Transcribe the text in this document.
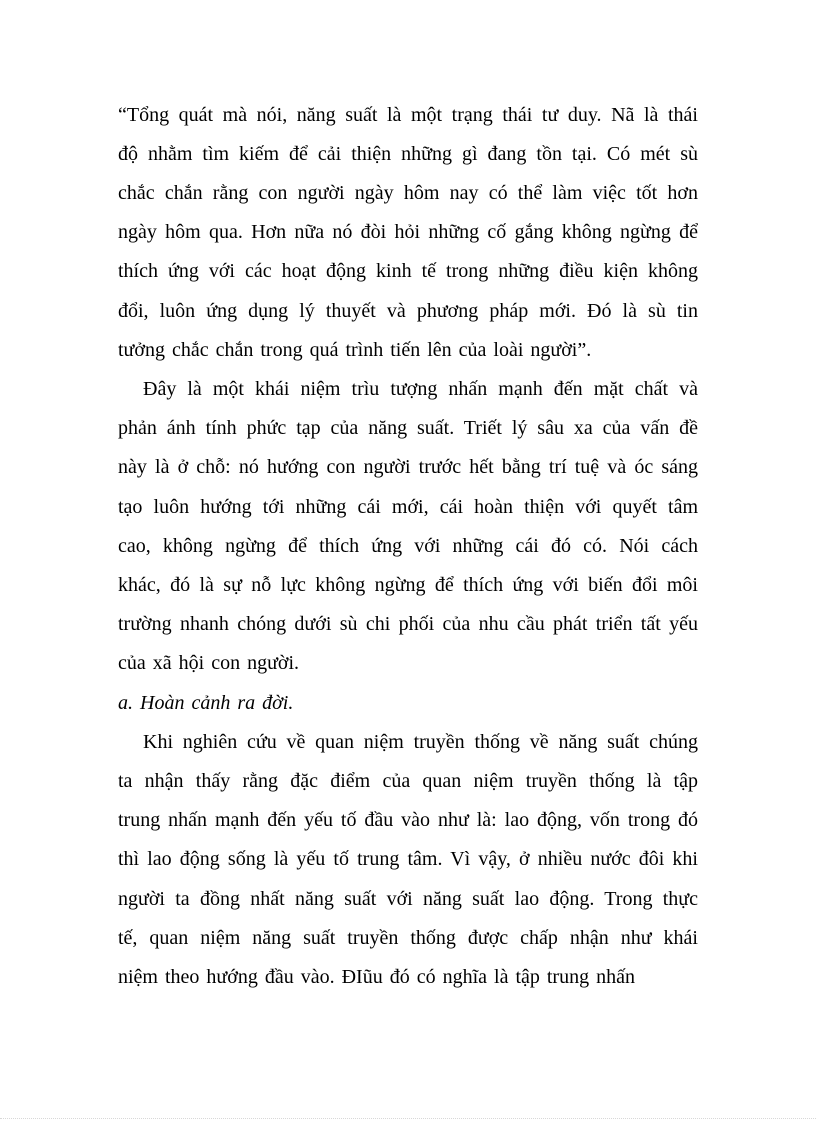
“Tổng quát mà nói, năng suất là một trạng thái tư duy. Nã là thái
độ nhằm tìm kiếm để cải thiện những gì đang tồn tại. Có mét sù
chắc chắn rằng con người ngày hôm nay có thể làm việc tốt hơn
ngày hôm qua. Hơn nữa nó đòi hỏi những cố gắng không ngừng để
thích ứng với các hoạt động kinh tế trong những điều kiện không
đổi, luôn ứng dụng lý thuyết và phương pháp mới. Đó là sù tin
tưởng chắc chắn trong quá trình tiến lên của loài người”.
Đây là một khái niệm trìu tượng nhấn mạnh đến mặt chất và
phản ánh tính phức tạp của năng suất. Triết lý sâu xa của vấn đề
này là ở chỗ: nó hướng con người trước hết bằng trí tuệ và óc sáng
tạo luôn hướng tới những cái mới, cái hoàn thiện với quyết tâm
cao, không ngừng để thích ứng với những cái đó có. Nói cách
khác, đó là sự nỗ lực không ngừng để thích ứng với biến đổi môi
trường nhanh chóng dưới sù chi phối của nhu cầu phát triển tất yếu
của xã hội con người.
a. Hoàn cảnh ra đời.
Khi nghiên cứu về quan niệm truyền thống về năng suất chúng
ta nhận thấy rằng đặc điểm của quan niệm truyền thống là tập
trung nhấn mạnh đến yếu tố đầu vào như là: lao động, vốn trong đó
thì lao động sống là yếu tố trung tâm. Vì vậy, ở nhiều nước đôi khi
người ta đồng nhất năng suất với năng suất lao động. Trong thực
tế, quan niệm năng suất truyền thống được chấp nhận như khái
niệm theo hướng đầu vào. ĐIũu đó có nghĩa là tập trung nhấn
